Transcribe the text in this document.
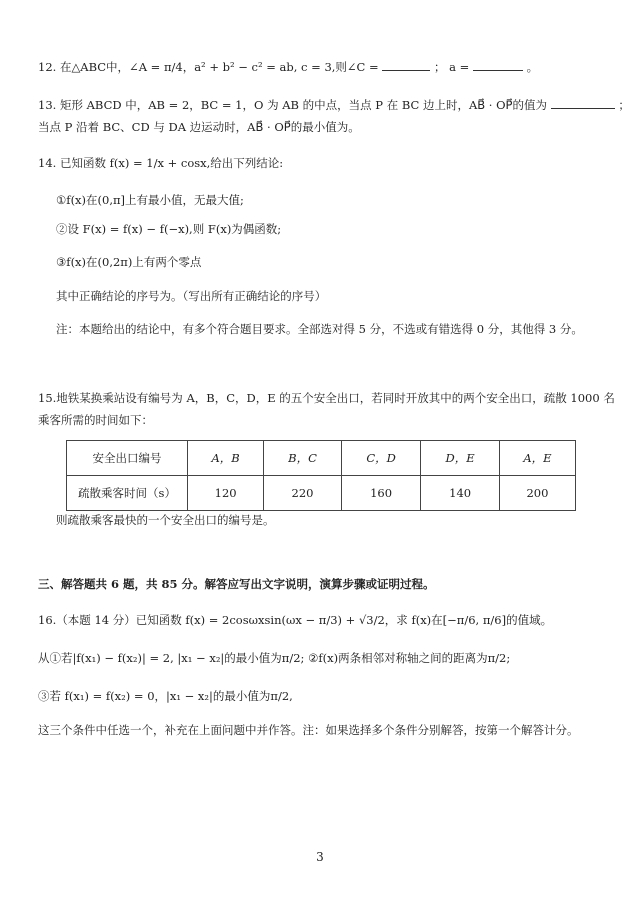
12. 在△ABC中，∠A = π/4，a² + b² − c² = ab, c = 3,则∠C =	； a =	。
13. 矩形 ABCD 中，AB = 2，BC = 1，O 为 AB 的中点，当点 P 在 BC 边上时，AB⃗ · OP⃗的值为	；
当点 P 沿着 BC、CD 与 DA 边运动时，AB⃗ · OP⃗的最小值为。
14. 已知函数 f(x) = 1/x + cosx,给出下列结论:
①f(x)在(0,π]上有最小值，无最大值;
②设 F(x) = f(x) − f(−x),则 F(x)为偶函数;
③f(x)在(0,2π)上有两个零点
其中正确结论的序号为。（写出所有正确结论的序号）
注：本题给出的结论中，有多个符合题目要求。全部选对得 5 分，不选或有错选得 0 分，其他得 3 分。
15.地铁某换乘站设有编号为 A，B，C，D，E 的五个安全出口，若同时开放其中的两个安全出口，疏散 1000 名
乘客所需的时间如下：
安全出口编号	A，B	B，C	C，D	D，E	A，E
疏散乘客时间（s）	120	220	160	140	200
则疏散乘客最快的一个安全出口的编号是。
三、解答题共 6 题，共 85 分。解答应写出文字说明，演算步骤或证明过程。
16.（本题 14 分）已知函数 f(x) = 2cosωxsin(ωx − π/3) + √3/2，求 f(x)在[−π/6, π/6]的值域。
从①若|f(x₁) − f(x₂)| = 2, |x₁ − x₂|的最小值为π/2; ②f(x)两条相邻对称轴之间的距离为π/2;
③若 f(x₁) = f(x₂) = 0，|x₁ − x₂|的最小值为π/2,
这三个条件中任选一个，补充在上面问题中并作答。注：如果选择多个条件分别解答，按第一个解答计分。
3
